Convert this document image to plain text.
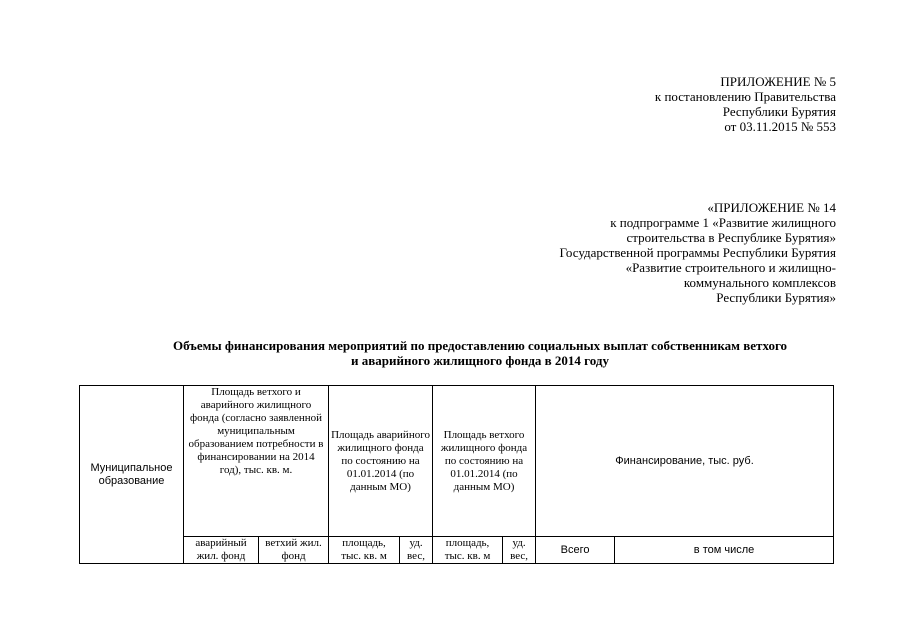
ПРИЛОЖЕНИЕ № 5
к постановлению Правительства
Республики Бурятия
от 03.11.2015 № 553
«ПРИЛОЖЕНИЕ № 14
к подпрограмме 1 «Развитие жилищного
строительства в Республике Бурятия»
Государственной программы Республики Бурятия
«Развитие строительного и жилищно-
коммунального комплексов
Республики Бурятия»
Объемы финансирования мероприятий по предоставлению социальных выплат собственникам ветхого
и аварийного жилищного фонда в 2014 году
Муниципальное образование	Площадь ветхого и аварийного жилищного фонда (согласно заявленной муниципальным образованием потребности в финансировании на 2014 год), тыс. кв. м.		Площадь аварийного жилищного фонда по состоянию на 01.01.2014 (по данным МО)		Площадь ветхого жилищного фонда по состоянию на 01.01.2014 (по данным МО)		Финансирование, тыс. руб.	
	аварийный жил. фонд	ветхий жил. фонд	площадь, тыс. кв. м	уд. вес,	площадь, тыс. кв. м	уд. вес,	Всего	в том числе
